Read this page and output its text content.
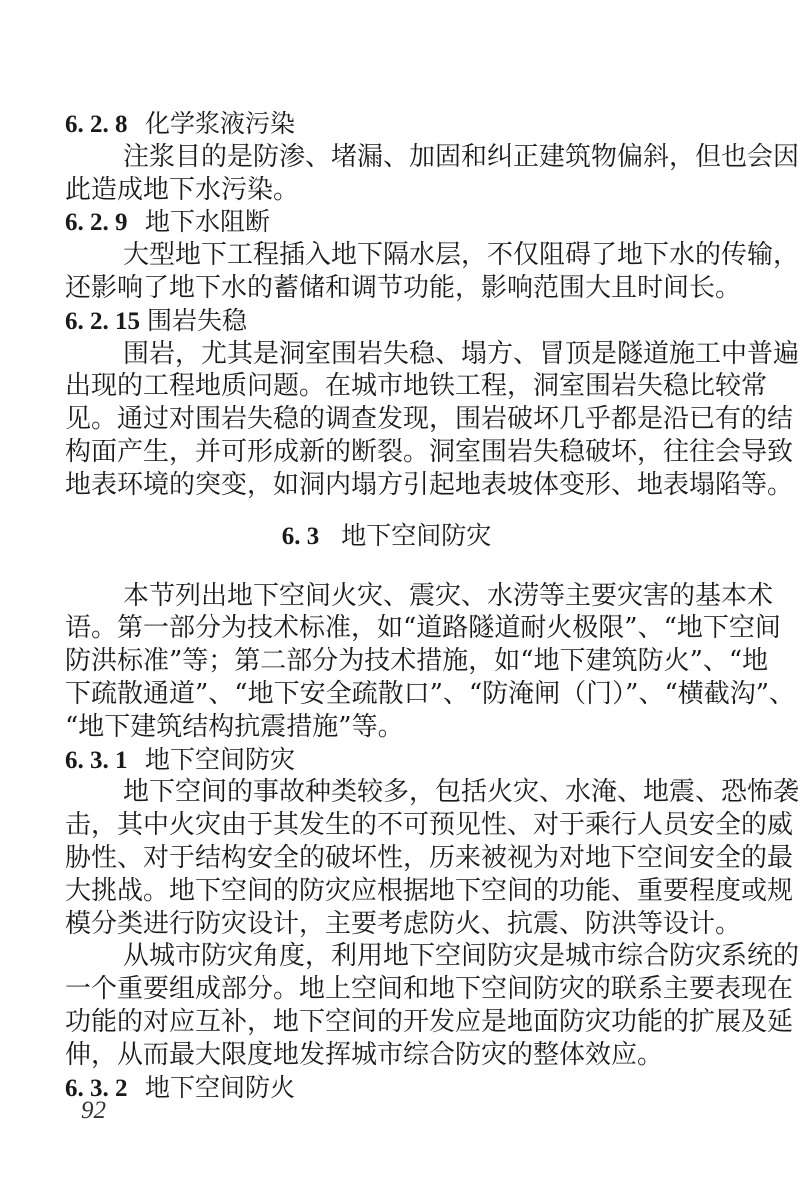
6. 2. 8 化学浆液污染
注浆目的是防渗、堵漏、加固和纠正建筑物偏斜，但也会因
此造成地下水污染。
6. 2. 9 地下水阻断
大型地下工程插入地下隔水层，不仅阻碍了地下水的传输，
还影响了地下水的蓄储和调节功能，影响范围大且时间长。
6. 2. 15 围岩失稳
围岩，尤其是洞室围岩失稳、塌方、冒顶是隧道施工中普遍
出现的工程地质问题。在城市地铁工程，洞室围岩失稳比较常
见。通过对围岩失稳的调查发现，围岩破坏几乎都是沿已有的结
构面产生，并可形成新的断裂。洞室围岩失稳破坏，往往会导致
地表环境的突变，如洞内塌方引起地表坡体变形、地表塌陷等。
6. 3 地下空间防灾
本节列出地下空间火灾、震灾、水涝等主要灾害的基本术
语。第一部分为技术标准，如“道路隧道耐火极限”、“地下空间
防洪标准”等；第二部分为技术措施，如“地下建筑防火”、“地
下疏散通道”、“地下安全疏散口”、“防淹闸（门）”、“横截沟”、
“地下建筑结构抗震措施”等。
6. 3. 1 地下空间防灾
地下空间的事故种类较多，包括火灾、水淹、地震、恐怖袭
击，其中火灾由于其发生的不可预见性、对于乘行人员安全的威
胁性、对于结构安全的破坏性，历来被视为对地下空间安全的最
大挑战。地下空间的防灾应根据地下空间的功能、重要程度或规
模分类进行防灾设计，主要考虑防火、抗震、防洪等设计。
从城市防灾角度，利用地下空间防灾是城市综合防灾系统的
一个重要组成部分。地上空间和地下空间防灾的联系主要表现在
功能的对应互补，地下空间的开发应是地面防灾功能的扩展及延
伸，从而最大限度地发挥城市综合防灾的整体效应。
6. 3. 2 地下空间防火
92
